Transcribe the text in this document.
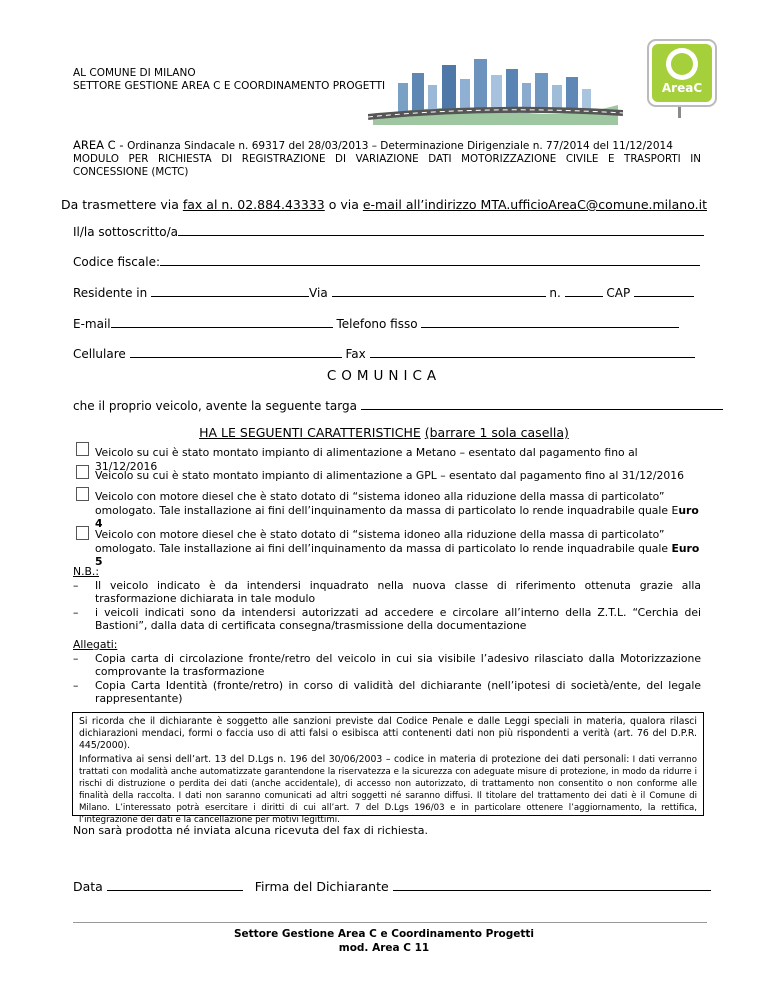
AL COMUNE DI MILANO
SETTORE GESTIONE AREA C E COORDINAMENTO PROGETTI	AreaC
AREA C - Ordinanza Sindacale n. 69317 del 28/03/2013 – Determinazione Dirigenziale n. 77/2014 del 11/12/2014
MODULO PER RICHIESTA DI REGISTRAZIONE DI VARIAZIONE DATI MOTORIZZAZIONE CIVILE E TRASPORTI IN CONCESSIONE (MCTC)
Da trasmettere via fax al n. 02.884.43333 o via e-mail all’indirizzo MTA.ufficioAreaC@comune.milano.it
Il/la sottoscritto/a
Codice fiscale:
Residente in	Via	n.	CAP
E-mail	Telefono fisso
Cellulare	Fax
COMUNICA
che il proprio veicolo, avente la seguente targa
HA LE SEGUENTI CARATTERISTICHE (barrare 1 sola casella)
Veicolo su cui è stato montato impianto di alimentazione a Metano – esentato dal pagamento fino al 31/12/2016
Veicolo su cui è stato montato impianto di alimentazione a GPL – esentato dal pagamento fino al 31/12/2016
Veicolo con motore diesel che è stato dotato di “sistema idoneo alla riduzione della massa di particolato” omologato. Tale installazione ai fini dell’inquinamento da massa di particolato lo rende inquadrabile quale Euro 4
Veicolo con motore diesel che è stato dotato di “sistema idoneo alla riduzione della massa di particolato” omologato. Tale installazione ai fini dell’inquinamento da massa di particolato lo rende inquadrabile quale Euro 5
N.B.:
– Il veicolo indicato è da intendersi inquadrato nella nuova classe di riferimento ottenuta grazie alla trasformazione dichiarata in tale modulo
– i veicoli indicati sono da intendersi autorizzati ad accedere e circolare all’interno della Z.T.L. “Cerchia dei Bastioni”, dalla data di certificata consegna/trasmissione della documentazione
Allegati:
– Copia carta di circolazione fronte/retro del veicolo in cui sia visibile l’adesivo rilasciato dalla Motorizzazione comprovante la trasformazione
– Copia Carta Identità (fronte/retro) in corso di validità del dichiarante (nell’ipotesi di società/ente, del legale rappresentante)
Si ricorda che il dichiarante è soggetto alle sanzioni previste dal Codice Penale e dalle Leggi speciali in materia, qualora rilasci dichiarazioni mendaci, formi o faccia uso di atti falsi o esibisca atti contenenti dati non più rispondenti a verità (art. 76 del D.P.R. 445/2000).
Informativa ai sensi dell’art. 13 del D.Lgs n. 196 del 30/06/2003 – codice in materia di protezione dei dati personali: I dati verranno trattati con modalità anche automatizzate garantendone la riservatezza e la sicurezza con adeguate misure di protezione, in modo da ridurre i rischi di distruzione o perdita dei dati (anche accidentale), di accesso non autorizzato, di trattamento non consentito o non conforme alle finalità della raccolta. I dati non saranno comunicati ad altri soggetti né saranno diffusi. Il titolare del trattamento dei dati è il Comune di Milano. L’interessato potrà esercitare i diritti di cui all’art. 7 del D.Lgs 196/03 e in particolare ottenere l’aggiornamento, la rettifica, l’integrazione dei dati e la cancellazione per motivi legittimi.
Non sarà prodotta né inviata alcuna ricevuta del fax di richiesta.
Data	Firma del Dichiarante
Settore Gestione Area C e Coordinamento Progetti
mod. Area C 11
